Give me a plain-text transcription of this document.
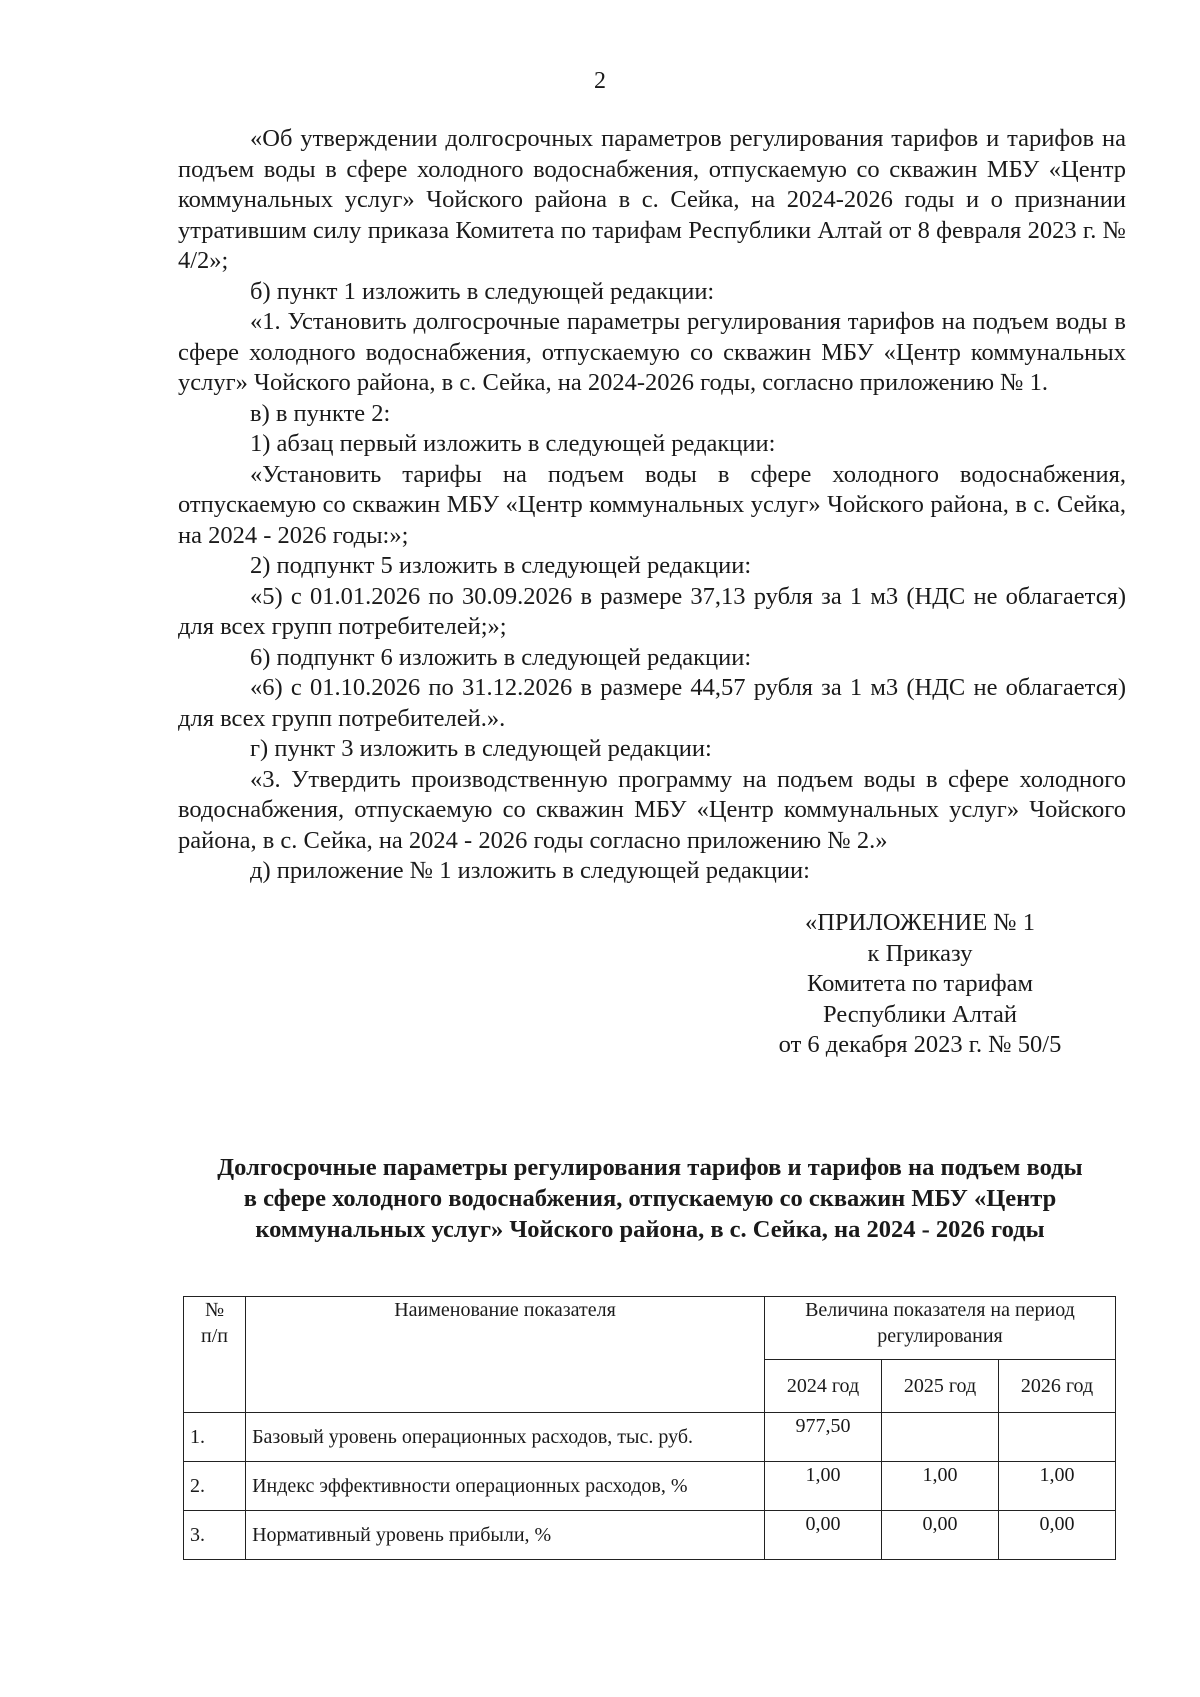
2

«Об утверждении долгосрочных параметров регулирования тарифов и тарифов на подъем воды в сфере холодного водоснабжения, отпускаемую со скважин МБУ «Центр коммунальных услуг» Чойского района в с. Сейка, на 2024-2026 годы и о признании утратившим силу приказа Комитета по тарифам Республики Алтай от 8 февраля 2023 г. № 4/2»;

б) пункт 1 изложить в следующей редакции:

«1. Установить долгосрочные параметры регулирования тарифов на подъем воды в сфере холодного водоснабжения, отпускаемую со скважин МБУ «Центр коммунальных услуг» Чойского района, в с. Сейка, на 2024-2026 годы, согласно приложению № 1.

в) в пункте 2:

1) абзац первый изложить в следующей редакции:

«Установить тарифы на подъем воды в сфере холодного водоснабжения, отпускаемую со скважин МБУ «Центр коммунальных услуг» Чойского района, в с. Сейка, на 2024 - 2026 годы:»;

2) подпункт 5 изложить в следующей редакции:

«5) с 01.01.2026 по 30.09.2026 в размере 37,13 рубля за 1 м3 (НДС не облагается) для всех групп потребителей;»;

6) подпункт 6 изложить в следующей редакции:

«6) с 01.10.2026 по 31.12.2026 в размере 44,57 рубля за 1 м3 (НДС не облагается) для всех групп потребителей.».

г) пункт 3 изложить в следующей редакции:

«3. Утвердить производственную программу на подъем воды в сфере холодного водоснабжения, отпускаемую со скважин МБУ «Центр коммунальных услуг» Чойского района, в с. Сейка, на 2024 - 2026 годы согласно приложению № 2.»

д) приложение № 1 изложить в следующей редакции:

«ПРИЛОЖЕНИЕ № 1
к Приказу
Комитета по тарифам
Республики Алтай
от 6 декабря 2023 г. № 50/5
Долгосрочные параметры регулирования тарифов и тарифов на подъем воды
в сфере холодного водоснабжения, отпускаемую со скважин МБУ «Центр
коммунальных услуг» Чойского района, в с. Сейка, на 2024 - 2026 годы
№
п/п	Наименование показателя	Величина показателя на период регулирования		
		2024 год	2025 год	2026 год
1.	Базовый уровень операционных расходов, тыс. руб.	977,50		
2.	Индекс эффективности операционных расходов, %	1,00	1,00	1,00
3.	Нормативный уровень прибыли, %	0,00	0,00	0,00
